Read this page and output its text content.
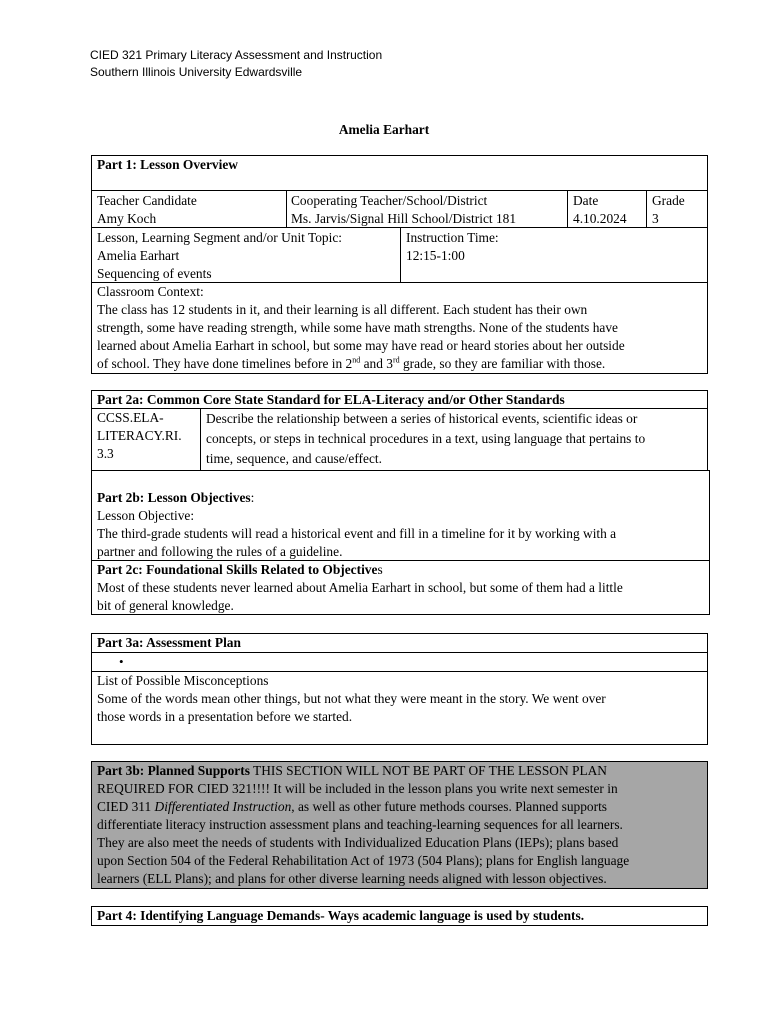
CIED 321 Primary Literacy Assessment and Instruction
Southern Illinois University Edwardsville
Amelia Earhart
Part 1: Lesson Overview
Teacher Candidate
Amy Koch
Cooperating Teacher/School/District
Ms. Jarvis/Signal Hill School/District 181
Date
4.10.2024
Grade
3
Lesson, Learning Segment and/or Unit Topic:
Amelia Earhart
Sequencing of events
Instruction Time:
12:15-1:00
Classroom Context:
The class has 12 students in it, and their learning is all different. Each student has their own
strength, some have reading strength, while some have math strengths. None of the students have
learned about Amelia Earhart in school, but some may have read or heard stories about her outside
of school. They have done timelines before in 2nd and 3rd grade, so they are familiar with those.
Part 2a: Common Core State Standard for ELA-Literacy and/or Other Standards
CCSS.ELA-
LITERACY.RI.
3.3
Describe the relationship between a series of historical events, scientific ideas or
concepts, or steps in technical procedures in a text, using language that pertains to
time, sequence, and cause/effect.
Part 2b: Lesson Objectives:
Lesson Objective:
The third-grade students will read a historical event and fill in a timeline for it by working with a
partner and following the rules of a guideline.
Part 2c: Foundational Skills Related to Objectives
Most of these students never learned about Amelia Earhart in school, but some of them had a little
bit of general knowledge.
Part 3a: Assessment Plan
•
List of Possible Misconceptions
Some of the words mean other things, but not what they were meant in the story. We went over
those words in a presentation before we started.
Part 3b: Planned Supports THIS SECTION WILL NOT BE PART OF THE LESSON PLAN
REQUIRED FOR CIED 321!!!! It will be included in the lesson plans you write next semester in
CIED 311 Differentiated Instruction, as well as other future methods courses. Planned supports
differentiate literacy instruction assessment plans and teaching-learning sequences for all learners.
They are also meet the needs of students with Individualized Education Plans (IEPs); plans based
upon Section 504 of the Federal Rehabilitation Act of 1973 (504 Plans); plans for English language
learners (ELL Plans); and plans for other diverse learning needs aligned with lesson objectives.
Part 4: Identifying Language Demands- Ways academic language is used by students.
